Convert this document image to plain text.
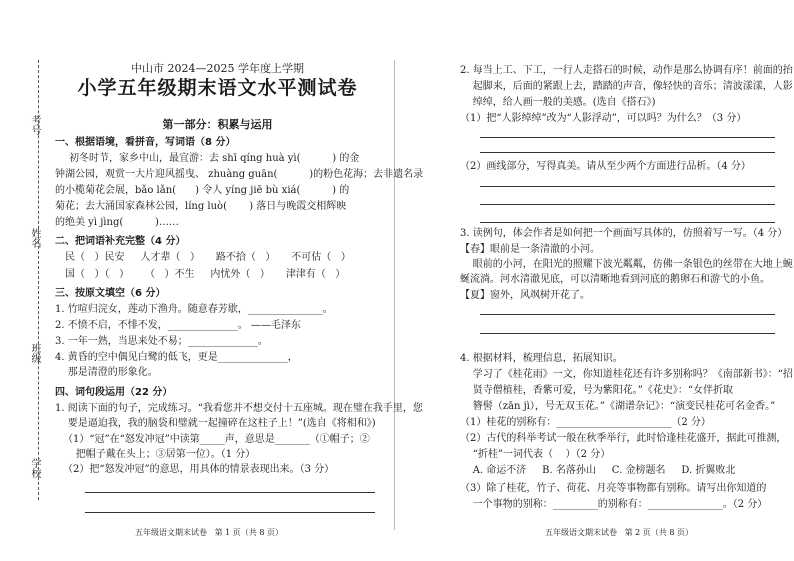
考号
姓名
班级
学校
中山市 2024—2025 学年度上学期
小学五年级期末语文水平测试卷
第一部分：积累与运用
一、根据语境，看拼音，写词语（8 分）
初冬时节，家乡中山，最宜游：去 shī qíng huà yì(          ) 的金
钟湖公园，观赏一大片迎风摇曳、 zhuàng guān(          )的粉色花海；去非遗名录
的小榄菊花会展，bǎo lǎn(      ) 令人 yíng jiē bù xiá(          ) 的
菊花；去大涌国家森林公园，líng luò(       ) 落日与晚霞交相辉映
的绝美 yì jìng(          )……
二、把词语补充完整（4 分）
民（   ）民安     人才辈（   ）     路不拾（   ）     不可估（   ）
国（   ）（   ）     （   ）不生     内忧外（   ）     津津有（   ）
三、按原文填空（6 分）
1. 竹喧归浣女，莲动下渔舟。随意春芳歇，_______________。
2. 不愤不启，不悱不发，______________。 ——毛泽东
3. 一年一熟，当思来处不易；______________。
4. 黄昏的空中偶见白鹭的低飞，更是______________，
那是清澄的形象化。
四、词句段运用（22 分）
1. 阅读下面的句子，完成练习。“我看您并不想交付十五座城。现在璧在我手里，您
要是逼迫我，我的脑袋和璧就一起撞碎在这柱子上！”(选自《将相和》)
（1）“冠”在“怒发冲冠”中读第_____声，意思是_______（①帽子；②
把帽子戴在头上；③居第一位）。（1 分）
（2）把“怒发冲冠”的意思，用具体的情景表现出来。（3 分）
五年级语文期末试卷   第 1 页（共 8 页）
2. 每当上工、下工，一行人走搭石的时候，动作是那么协调有序！前面的抬
起脚来，后面的紧跟上去，踏踏的声音，像轻快的音乐；清波漾漾，人影
绰绰，给人画一般的美感。(选自《搭石》)
（1）把“人影绰绰”改为“人影浮动”，可以吗？为什么？（3 分）
（2）画线部分，写得真美。请从至少两个方面进行品析。（4 分）
3. 读例句，体会作者是如何把一个画面写具体的，仿照着写一写。（4 分）
【春】眼前是一条清澈的小河。
眼前的小河，在阳光的照耀下波光粼粼，仿佛一条银色的丝带在大地上蜿
蜒流淌。河水清澈见底，可以清晰地看到河底的鹅卵石和游弋的小鱼。
【夏】窗外，风飒树开花了。
4. 根据材料，梳理信息，拓展知识。
学习了《桂花雨》一文，你知道桂花还有许多别称吗？《南部新书》：“招
贤寺僧植桂，香紫可爱，号为紫阳花。”《花史》：“女伴折取
簪髻（zān jì），号无双玉花。”《湖谱杂记》：“演变民桂花可名金香。”
（1）桂花的别称有：_______________________（2 分）
（2）古代的科举考试一般在秋季举行，此时恰逢桂花盛开，据此可推测，
“折桂”一词代表（    ）（2 分）
A. 命运不济     B. 名落孙山     C. 金榜题名     D. 折翼败北
（3）除了桂花，竹子、荷花、月亮等事物都有别称。请写出你知道的
一个事物的别称：_________的别称有：_______________。（2 分）
五年级语文期末试卷   第 2 页（共 8 页）
